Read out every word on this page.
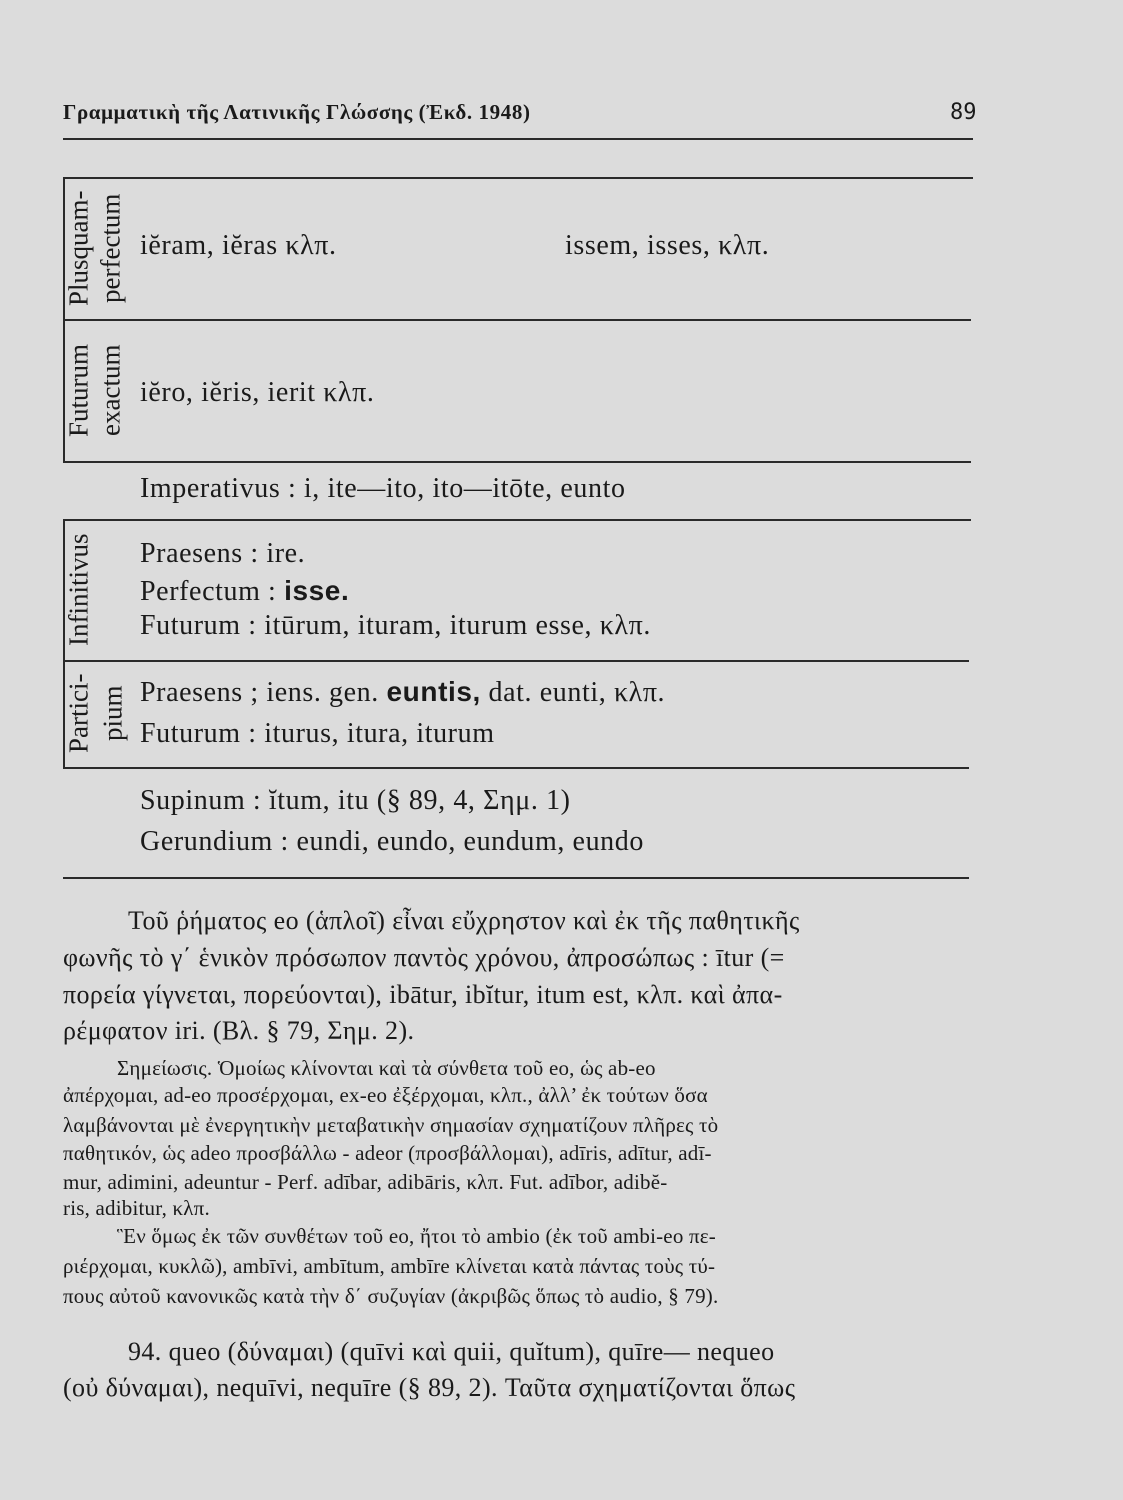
Γραμματικὴ τῆς Λατινικῆς Γλώσσης (Ἐκδ. 1948)	89
Plusquam- perfectum iĕram, iĕras κλπ.	issem, isses, κλπ.
Futurum exactum iĕro, iĕris, ierit κλπ.
Imperativus : i, ite—ito, ito—itōte, eunto
Infinitivus Praesens : ire.
Perfectum : isse.
Futurum : itūrum, ituram, iturum esse, κλπ.
Partici- pium Praesens ; iens. gen. euntis, dat. eunti, κλπ.
Futurum : iturus, itura, iturum
Supinum : ĭtum, itu (§ 89, 4, Σημ. 1)
Gerundium : eundi, eundo, eundum, eundo
Τοῦ ῥήματος eo (ἁπλοῖ) εἶναι εὔχρηστον καὶ ἐκ τῆς παθητικῆς
φωνῆς τὸ γ΄ ἑνικὸν πρόσωπον παντὸς χρόνου, ἀπροσώπως : ītur (=
πορεία γίγνεται, πορεύονται), ibātur, ibĭtur, itum est, κλπ. καὶ ἀπα-
ρέμφατον iri. (Βλ. § 79, Σημ. 2).
Σημείωσις. Ὁμοίως κλίνονται καὶ τὰ σύνθετα τοῦ eo, ὡς ab-eo
ἀπέρχομαι, ad-eo προσέρχομαι, ex-eo ἐξέρχομαι, κλπ., ἀλλ’ ἐκ τούτων ὅσα
λαμβάνονται μὲ ἐνεργητικὴν μεταβατικὴν σημασίαν σχηματίζουν πλῆρες τὸ
παθητικόν, ὡς adeo προσβάλλω - adeor (προσβάλλομαι), adīris, adītur, adī-
mur, adimini, adeuntur - Perf. adībar, adibāris, κλπ. Fut. adībor, adibĕ-
ris, adibitur, κλπ.
Ἓν ὅμως ἐκ τῶν συνθέτων τοῦ eo, ἤτοι τὸ ambio (ἐκ τοῦ ambi-eo πε-
ριέρχομαι, κυκλῶ), ambīvi, ambītum, ambīre κλίνεται κατὰ πάντας τοὺς τύ-
πους αὐτοῦ κανονικῶς κατὰ τὴν δ΄ συζυγίαν (ἀκριβῶς ὅπως τὸ audio, § 79).
94. queo (δύναμαι) (quīvi καὶ quii, quĭtum), quīre— nequeo
(οὐ δύναμαι), nequīvi, nequīre (§ 89, 2). Ταῦτα σχηματίζονται ὅπως
